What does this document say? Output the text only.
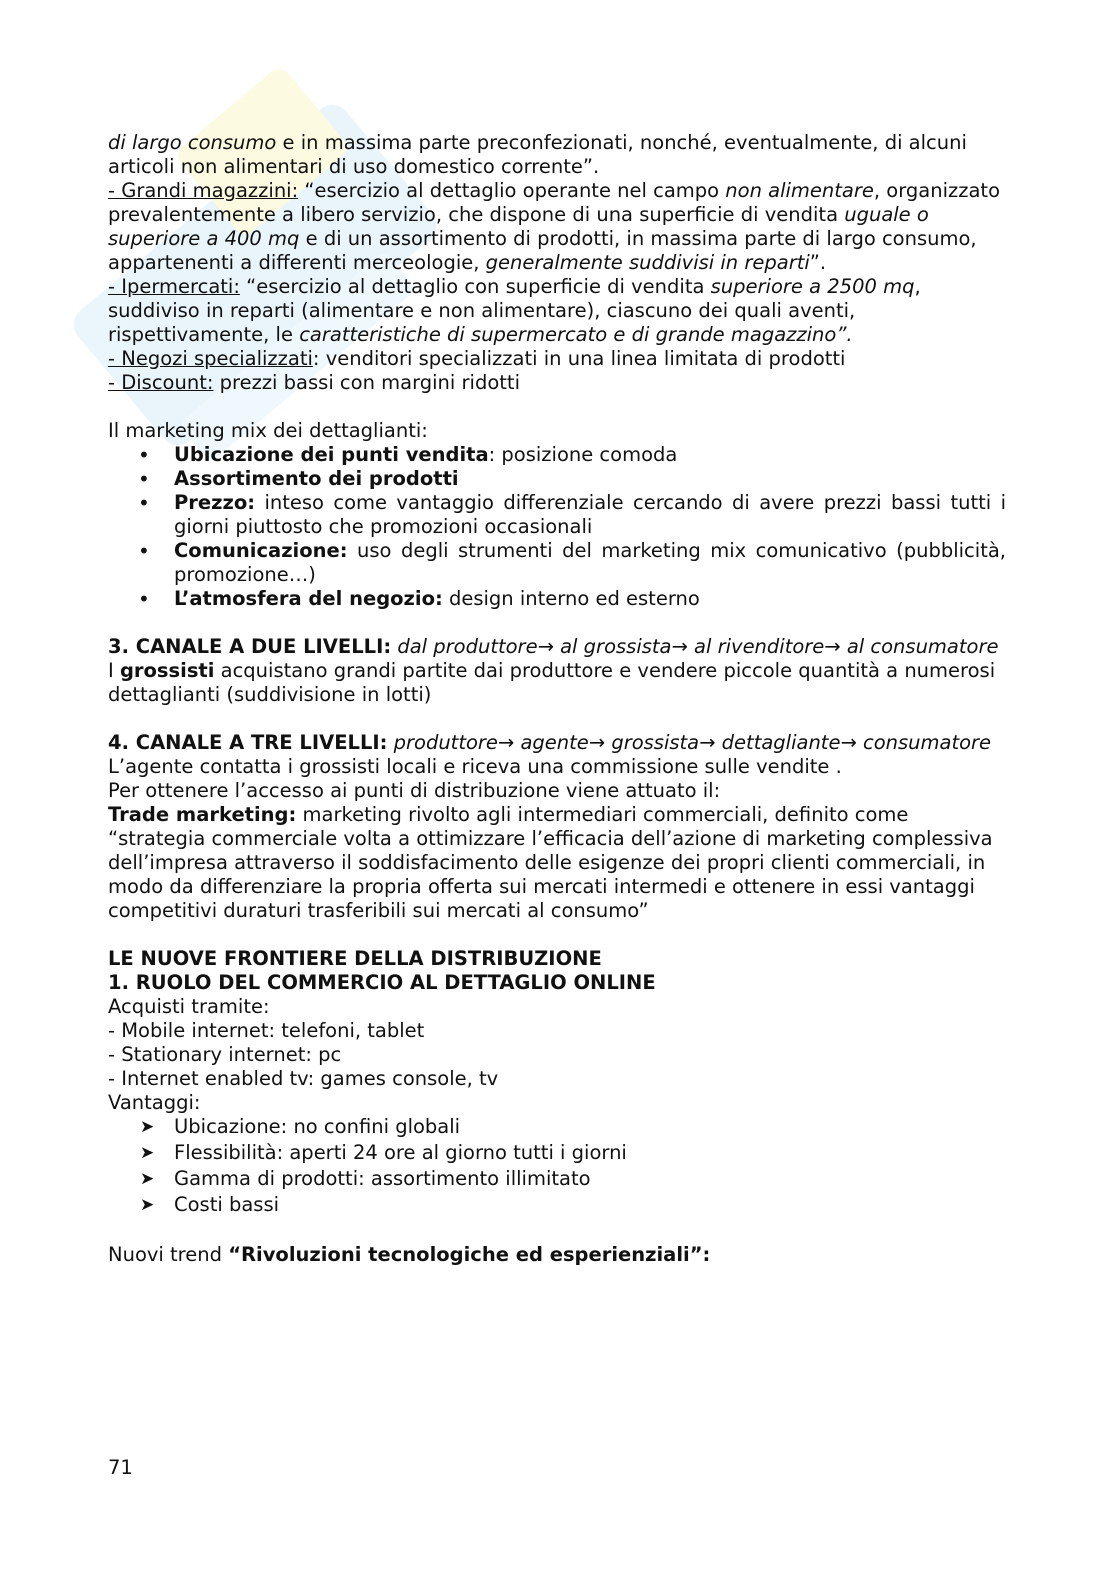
di largo consumo e in massima parte preconfezionati, nonché, eventualmente, di alcuni articoli non alimentari di uso domestico corrente”.

- Grandi magazzini: “esercizio al dettaglio operante nel campo non alimentare, organizzato prevalentemente a libero servizio, che dispone di una superficie di vendita uguale o superiore a 400 mq e di un assortimento di prodotti, in massima parte di largo consumo, appartenenti a differenti merceologie, generalmente suddivisi in reparti”.

- Ipermercati: “esercizio al dettaglio con superficie di vendita superiore a 2500 mq, suddiviso in reparti (alimentare e non alimentare), ciascuno dei quali aventi, rispettivamente, le caratteristiche di supermercato e di grande magazzino”.

- Negozi specializzati: venditori specializzati in una linea limitata di prodotti

- Discount: prezzi bassi con margini ridotti

Il marketing mix dei dettaglianti:

• Ubicazione dei punti vendita: posizione comoda
• Assortimento dei prodotti
• Prezzo: inteso come vantaggio differenziale cercando di avere prezzi bassi tutti i giorni piuttosto che promozioni occasionali
• Comunicazione: uso degli strumenti del marketing mix comunicativo (pubblicità, promozione…)
• L’atmosfera del negozio: design interno ed esterno

3. CANALE A DUE LIVELLI: dal produttore→ al grossista→ al rivenditore→ al consumatore

I grossisti acquistano grandi partite dai produttore e vendere piccole quantità a numerosi dettaglianti (suddivisione in lotti)

4. CANALE A TRE LIVELLI: produttore→ agente→ grossista→ dettagliante→ consumatore

L’agente contatta i grossisti locali e riceva una commissione sulle vendite .

Per ottenere l’accesso ai punti di distribuzione viene attuato il:

Trade marketing: marketing rivolto agli intermediari commerciali, definito come “strategia commerciale volta a ottimizzare l’efficacia dell’azione di marketing complessiva dell’impresa attraverso il soddisfacimento delle esigenze dei propri clienti commerciali, in modo da differenziare la propria offerta sui mercati intermedi e ottenere in essi vantaggi competitivi duraturi trasferibili sui mercati al consumo”

LE NUOVE FRONTIERE DELLA DISTRIBUZIONE

1. RUOLO DEL COMMERCIO AL DETTAGLIO ONLINE

Acquisti tramite:

- Mobile internet: telefoni, tablet

- Stationary internet: pc

- Internet enabled tv: games console, tv

Vantaggi:

➤ Ubicazione: no confini globali
➤ Flessibilità: aperti 24 ore al giorno tutti i giorni
➤ Gamma di prodotti: assortimento illimitato
➤ Costi bassi

Nuovi trend “Rivoluzioni tecnologiche ed esperienziali”:

71
